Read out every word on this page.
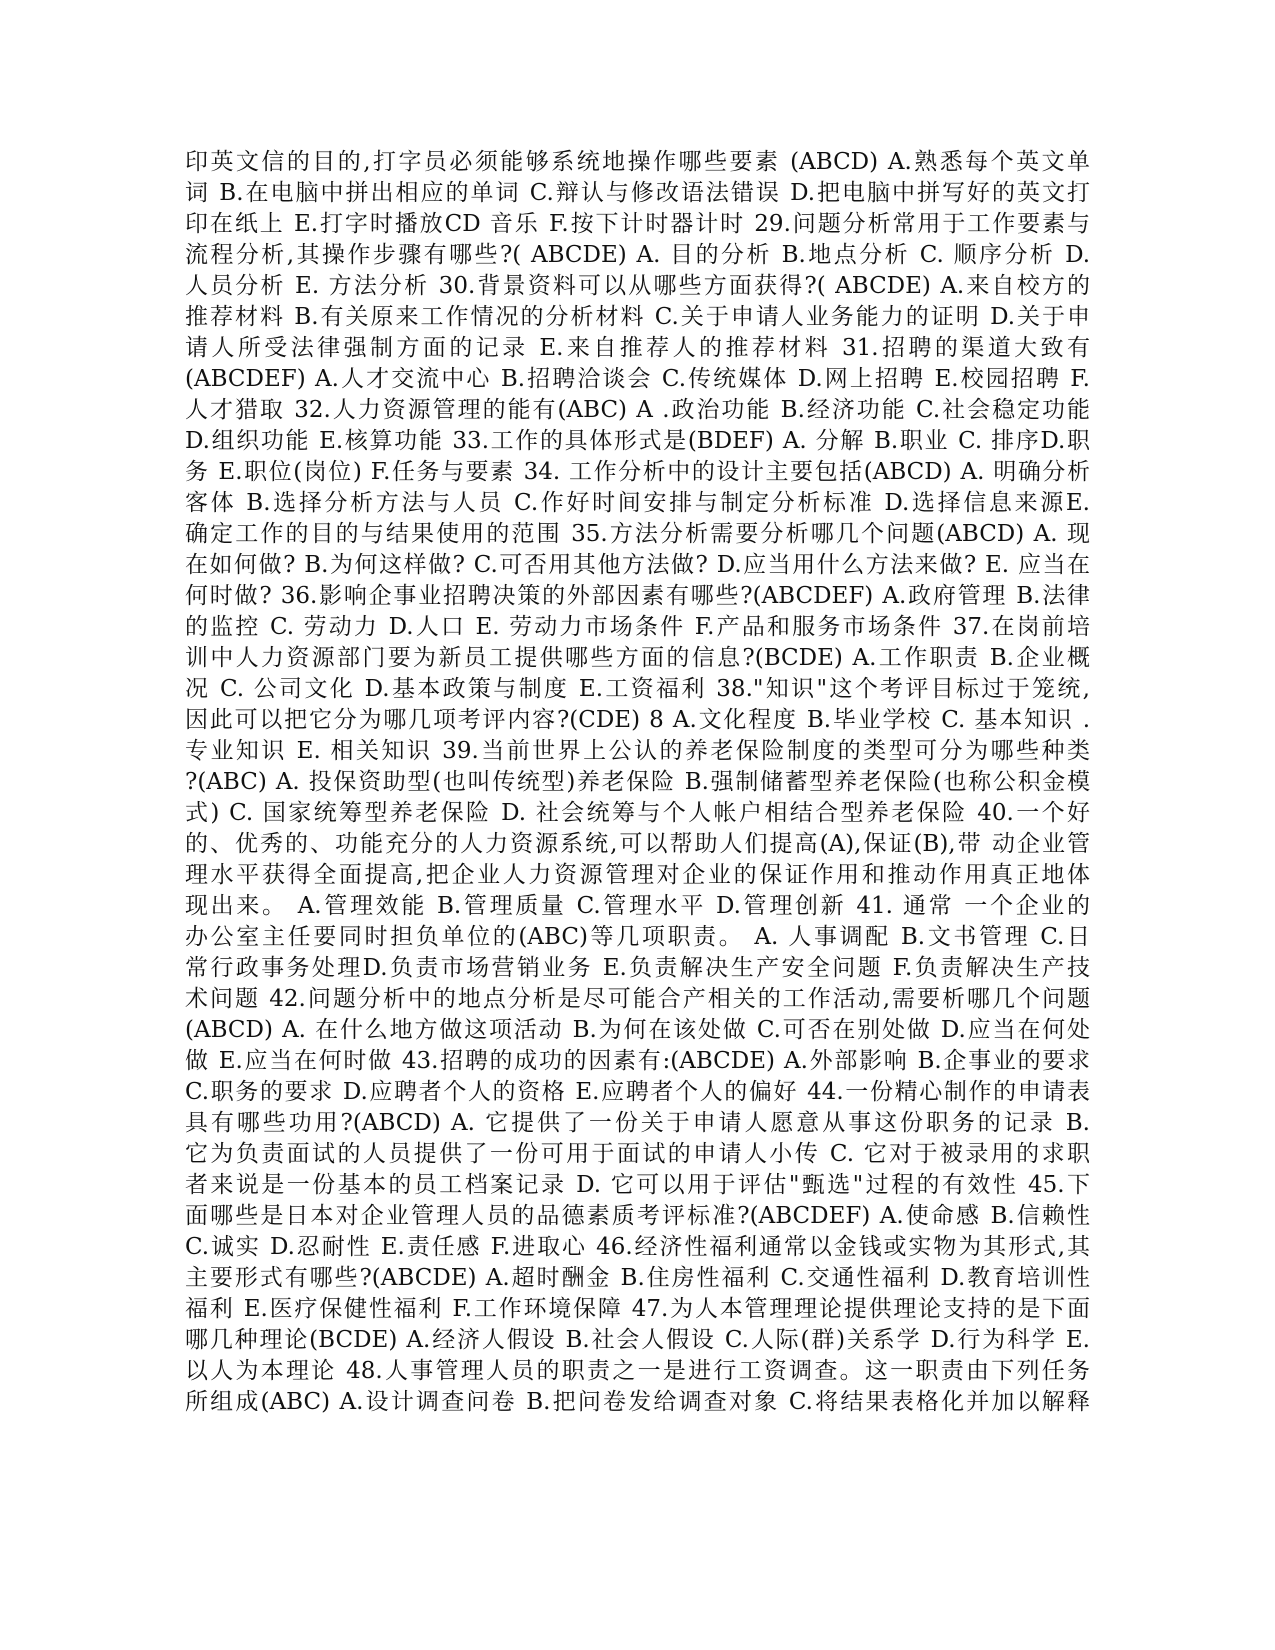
印英文信的目的,打字员必须能够系统地操作哪些要素 (ABCD) A.熟悉每个英文单
词 B.在电脑中拼出相应的单词 C.辩认与修改语法错误 D.把电脑中拼写好的英文打
印在纸上 E.打字时播放CD 音乐 F.按下计时器计时 29.问题分析常用于工作要素与
流程分析,其操作步骤有哪些?( ABCDE) A. 目的分析 B.地点分析 C. 顺序分析 D.
人员分析 E. 方法分析 30.背景资料可以从哪些方面获得?( ABCDE) A.来自校方的
推荐材料 B.有关原来工作情况的分析材料 C.关于申请人业务能力的证明 D.关于申
请人所受法律强制方面的记录 E.来自推荐人的推荐材料 31.招聘的渠道大致有
(ABCDEF) A.人才交流中心 B.招聘洽谈会 C.传统媒体 D.网上招聘 E.校园招聘 F.
人才猎取 32.人力资源管理的能有(ABC) A .政治功能 B.经济功能 C.社会稳定功能
D.组织功能 E.核算功能 33.工作的具体形式是(BDEF) A. 分解 B.职业 C. 排序D.职
务 E.职位(岗位) F.任务与要素 34. 工作分析中的设计主要包括(ABCD) A. 明确分析
客体 B.选择分析方法与人员 C.作好时间安排与制定分析标准 D.选择信息来源E.
确定工作的目的与结果使用的范围 35.方法分析需要分析哪几个问题(ABCD) A. 现
在如何做? B.为何这样做? C.可否用其他方法做? D.应当用什么方法来做? E. 应当在
何时做? 36.影响企事业招聘决策的外部因素有哪些?(ABCDEF) A.政府管理 B.法律
的监控 C. 劳动力 D.人口 E. 劳动力市场条件 F.产品和服务市场条件 37.在岗前培
训中人力资源部门要为新员工提供哪些方面的信息?(BCDE) A.工作职责 B.企业概
况 C. 公司文化 D.基本政策与制度 E.工资福利 38."知识"这个考评目标过于笼统,
因此可以把它分为哪几项考评内容?(CDE) 8 A.文化程度 B.毕业学校 C. 基本知识 .
专业知识 E. 相关知识 39.当前世界上公认的养老保险制度的类型可分为哪些种类
?(ABC) A. 投保资助型(也叫传统型)养老保险 B.强制储蓄型养老保险(也称公积金模
式) C. 国家统筹型养老保险 D. 社会统筹与个人帐户相结合型养老保险 40.一个好
的、优秀的、功能充分的人力资源系统,可以帮助人们提高(A),保证(B),带 动企业管
理水平获得全面提高,把企业人力资源管理对企业的保证作用和推动作用真正地体
现出来。 A.管理效能 B.管理质量 C.管理水平 D.管理创新 41. 通常 一个企业的
办公室主任要同时担负单位的(ABC)等几项职责。 A. 人事调配 B.文书管理 C.日
常行政事务处理D.负责市场营销业务 E.负责解决生产安全问题 F.负责解决生产技
术问题 42.问题分析中的地点分析是尽可能合产相关的工作活动,需要析哪几个问题
(ABCD) A. 在什么地方做这项活动 B.为何在该处做 C.可否在别处做 D.应当在何处
做 E.应当在何时做 43.招聘的成功的因素有:(ABCDE) A.外部影响 B.企事业的要求
C.职务的要求 D.应聘者个人的资格 E.应聘者个人的偏好 44.一份精心制作的申请表
具有哪些功用?(ABCD) A. 它提供了一份关于申请人愿意从事这份职务的记录 B.
它为负责面试的人员提供了一份可用于面试的申请人小传 C. 它对于被录用的求职
者来说是一份基本的员工档案记录 D. 它可以用于评估"甄选"过程的有效性 45.下
面哪些是日本对企业管理人员的品德素质考评标准?(ABCDEF) A.使命感 B.信赖性
C.诚实 D.忍耐性 E.责任感 F.进取心 46.经济性福利通常以金钱或实物为其形式,其
主要形式有哪些?(ABCDE) A.超时酬金 B.住房性福利 C.交通性福利 D.教育培训性
福利 E.医疗保健性福利 F.工作环境保障 47.为人本管理理论提供理论支持的是下面
哪几种理论(BCDE) A.经济人假设 B.社会人假设 C.人际(群)关系学 D.行为科学 E.
以人为本理论 48.人事管理人员的职责之一是进行工资调查。这一职责由下列任务
所组成(ABC) A.设计调查问卷 B.把问卷发给调查对象 C.将结果表格化并加以解释
